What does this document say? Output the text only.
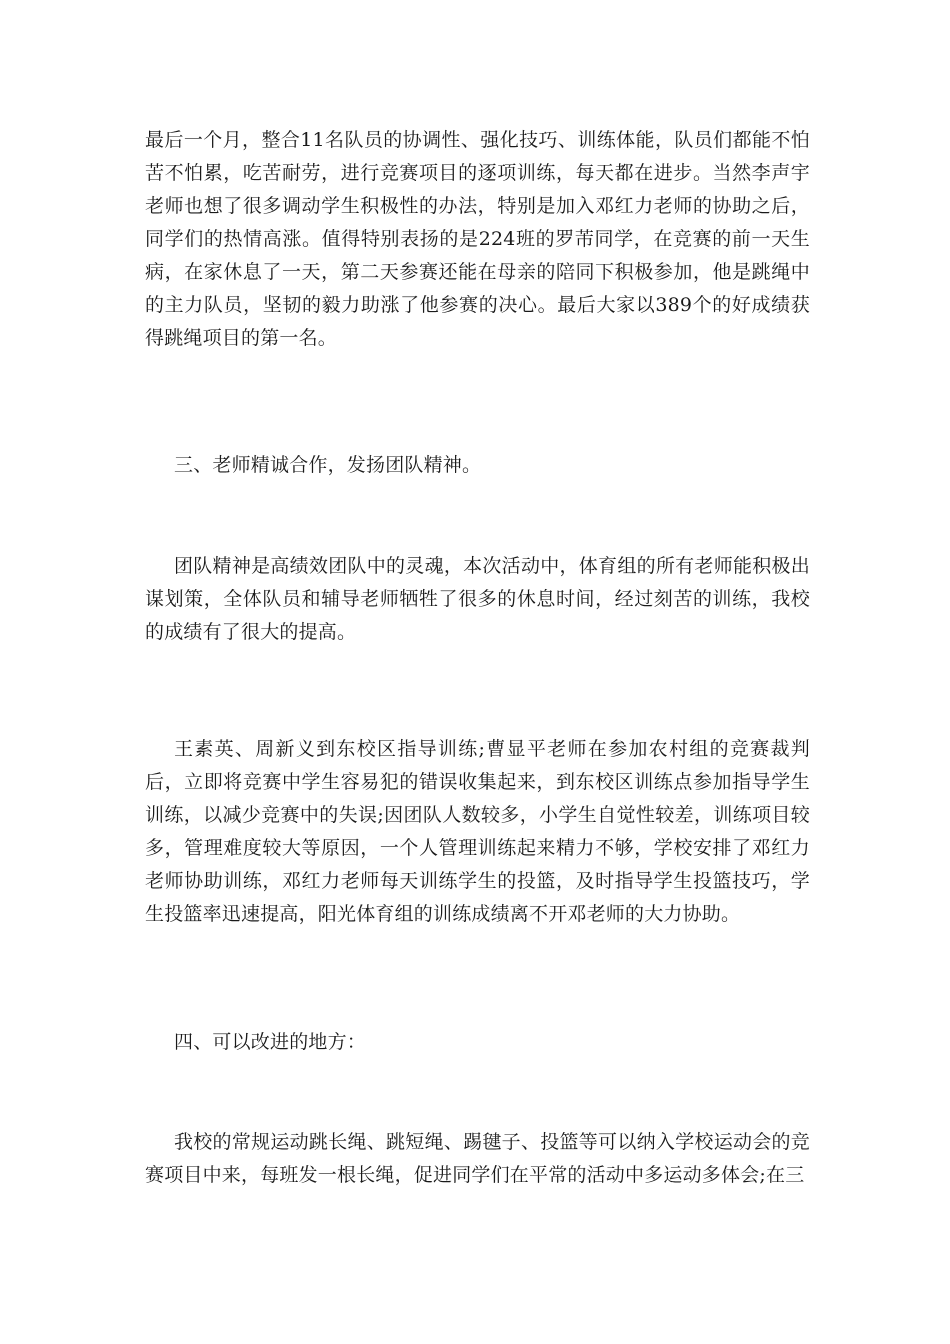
最后一个月，整合11名队员的协调性、强化技巧、训练体能，队员们都能不怕苦不怕累，吃苦耐劳，进行竞赛项目的逐项训练，每天都在进步。当然李声宇老师也想了很多调动学生积极性的办法，特别是加入邓红力老师的协助之后，同学们的热情高涨。值得特别表扬的是224班的罗芾同学，在竞赛的前一天生病，在家休息了一天，第二天参赛还能在母亲的陪同下积极参加，他是跳绳中的主力队员，坚韧的毅力助涨了他参赛的决心。最后大家以389个的好成绩获得跳绳项目的第一名。

三、老师精诚合作，发扬团队精神。

团队精神是高绩效团队中的灵魂，本次活动中，体育组的所有老师能积极出谋划策，全体队员和辅导老师牺牲了很多的休息时间，经过刻苦的训练，我校的成绩有了很大的提高。

王素英、周新义到东校区指导训练;曹显平老师在参加农村组的竞赛裁判后，立即将竞赛中学生容易犯的错误收集起来，到东校区训练点参加指导学生训练，以减少竞赛中的失误;因团队人数较多，小学生自觉性较差，训练项目较多，管理难度较大等原因，一个人管理训练起来精力不够，学校安排了邓红力老师协助训练，邓红力老师每天训练学生的投篮，及时指导学生投篮技巧，学生投篮率迅速提高，阳光体育组的训练成绩离不开邓老师的大力协助。

四、可以改进的地方：

我校的常规运动跳长绳、跳短绳、踢毽子、投篮等可以纳入学校运动会的竞赛项目中来，每班发一根长绳，促进同学们在平常的活动中多运动多体会;在三
